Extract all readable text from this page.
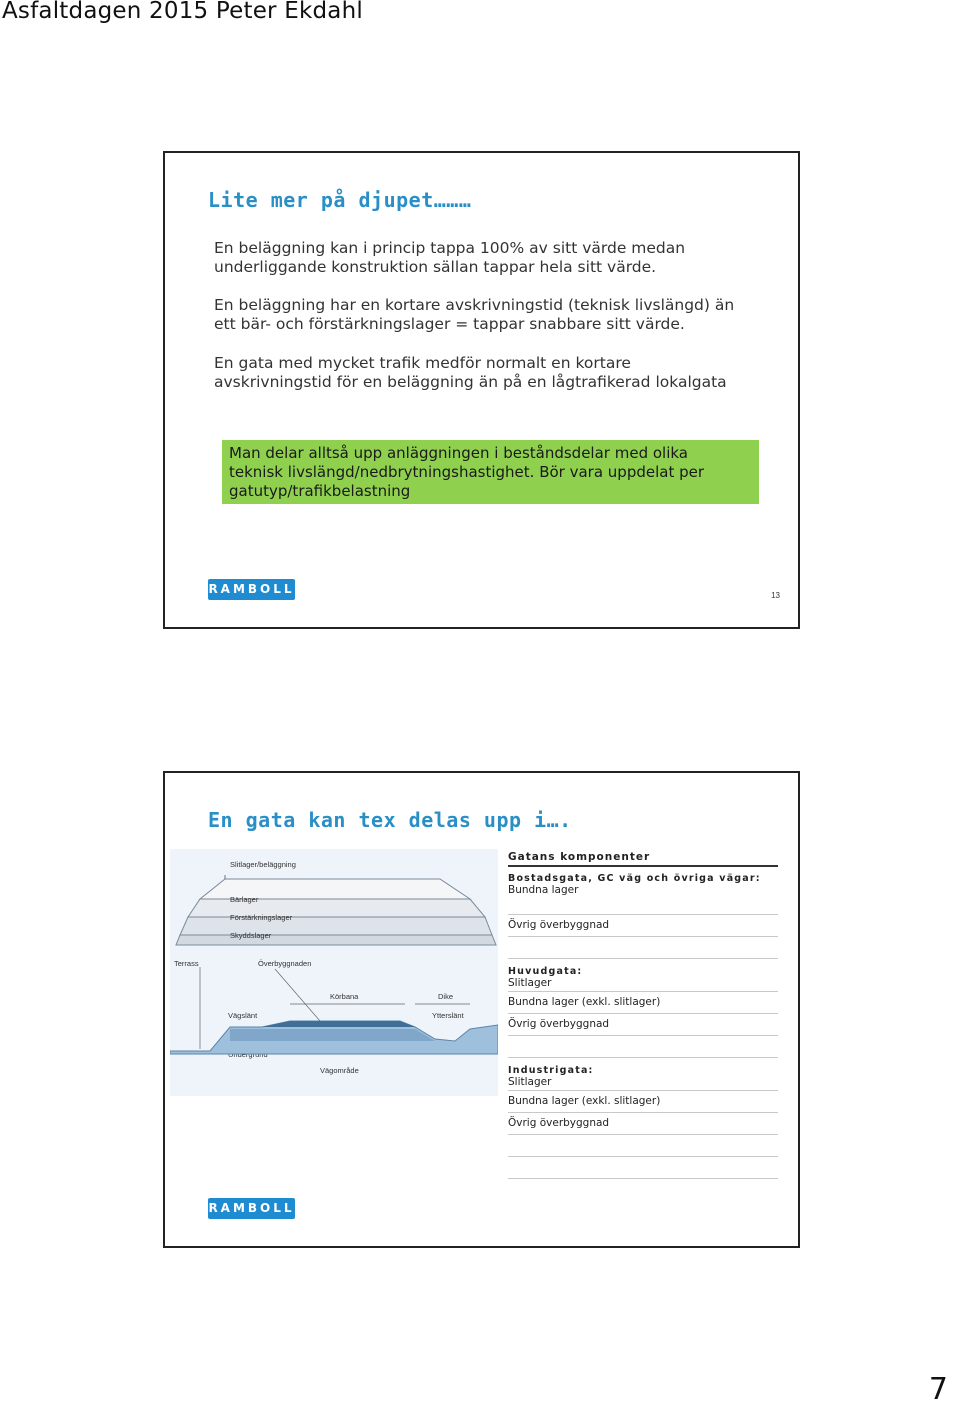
Asfaltdagen 2015 Peter Ekdahl
Lite mer på djupet………
En beläggning kan i princip tappa 100% av sitt värde medan
underliggande konstruktion sällan tappar hela sitt värde.
En beläggning har en kortare avskrivningstid (teknisk livslängd) än
ett bär- och förstärkningslager = tappar snabbare sitt värde.
En gata med mycket trafik medför normalt en kortare
avskrivningstid för en beläggning än på en lågtrafikerad lokalgata
Man delar alltså upp anläggningen i beståndsdelar med olika
teknisk livslängd/nedbrytningshastighet. Bör vara uppdelat per
gatutyp/trafikbelastning
RAMBOLL	13
En gata kan tex delas upp i….
Slitlager/beläggning
Bärlager
Förstärkningslager
Skyddslager
Terrass	Överbyggnaden
Körbana	Dike
Vägslänt	Ytterslänt
Vägområde
Gatans komponenter
Bostadsgata, GC väg och övriga vägar:
Bundna lager
Övrig överbyggnad
Huvudgata:
Slitlager
Bundna lager (exkl. slitlager)
Övrig överbyggnad
Industrigata:
Slitlager
Bundna lager (exkl. slitlager)
Övrig överbyggnad
RAMBOLL
7
